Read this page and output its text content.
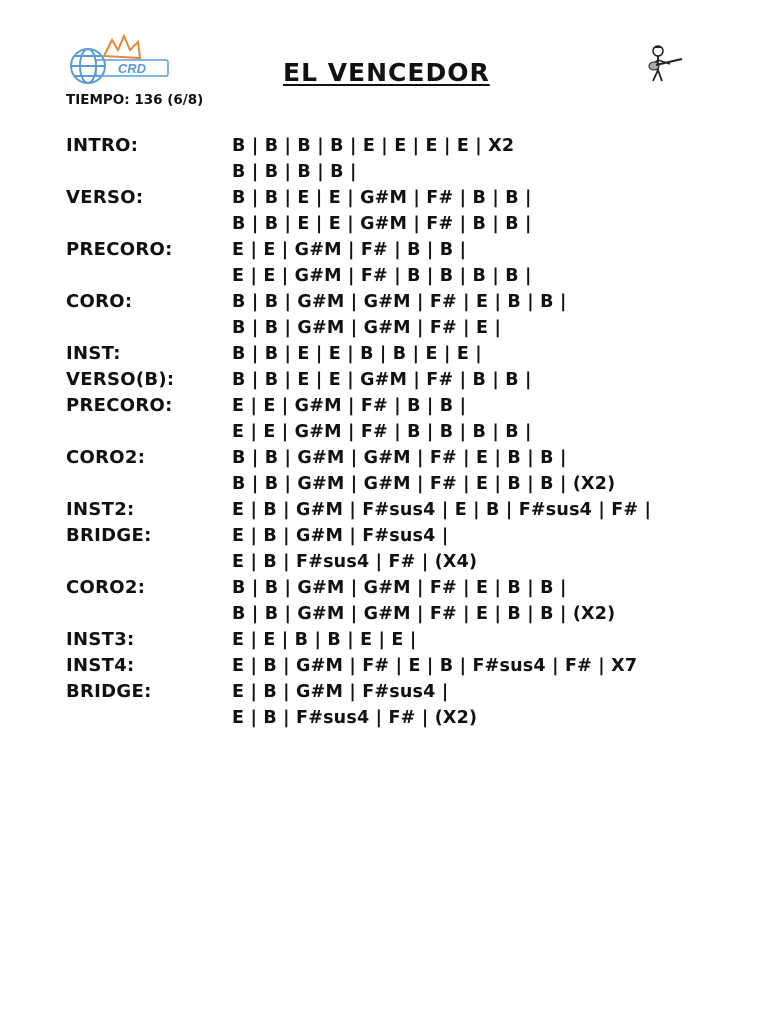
CRD	EL VENCEDOR
TIEMPO: 136 (6/8)
INTRO:	B | B | B | B | E | E | E | E | X2
B | B | B | B |
VERSO:	B | B | E | E | G#M | F# | B | B |
B | B | E | E | G#M | F# | B | B |
PRECORO:	E | E | G#M | F# | B | B |
E | E | G#M | F# | B | B | B | B |
CORO:	B | B | G#M | G#M | F# | E | B | B |
B | B | G#M | G#M | F# | E |
INST:	B | B | E | E | B | B | E | E |
VERSO(B):	B | B | E | E | G#M | F# | B | B |
PRECORO:	E | E | G#M | F# | B | B |
E | E | G#M | F# | B | B | B | B |
CORO2:	B | B | G#M | G#M | F# | E | B | B |
B | B | G#M | G#M | F# | E | B | B | (X2)
INST2:	E | B | G#M | F#sus4 | E | B | F#sus4 | F# |
BRIDGE:	E | B | G#M | F#sus4 |
E | B | F#sus4 | F# | (X4)
CORO2:	B | B | G#M | G#M | F# | E | B | B |
B | B | G#M | G#M | F# | E | B | B | (X2)
INST3:	E | E | B | B | E | E |
INST4:	E | B | G#M | F# | E | B | F#sus4 | F# | X7
BRIDGE:	E | B | G#M | F#sus4 |
E | B | F#sus4 | F# | (X2)
